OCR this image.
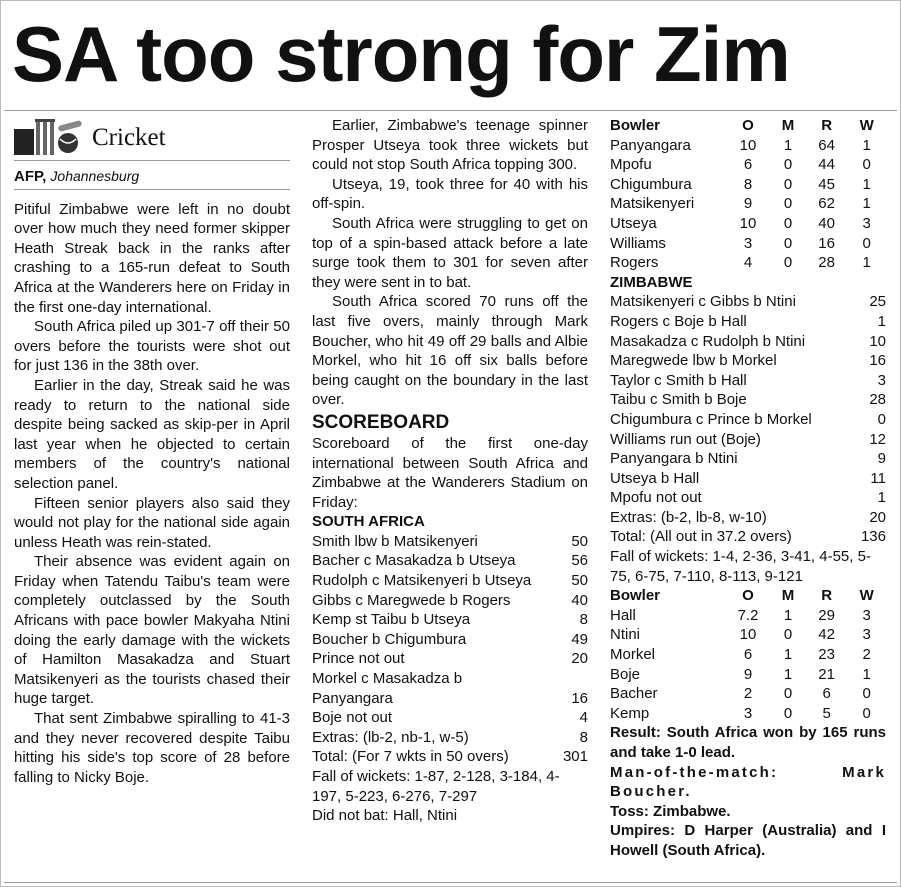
SA too strong for Zim
Cricket
AFP, Johannesburg

Pitiful Zimbabwe were left in no doubt over how much they need former skipper Heath Streak back in the ranks after crashing to a 165-run defeat to South Africa at the Wanderers here on Friday in the first one-day international.

South Africa piled up 301-7 off their 50 overs before the tourists were shot out for just 136 in the 38th over.

Earlier in the day, Streak said he was ready to return to the national side despite being sacked as skip-per in April last year when he objected to certain members of the country's national selection panel.

Fifteen senior players also said they would not play for the national side again unless Heath was rein-stated.

Their absence was evident again on Friday when Tatendu Taibu's team were completely outclassed by the South Africans with pace bowler Makyaha Ntini doing the early damage with the wickets of Hamilton Masakadza and Stuart Matsikenyeri as the tourists chased their huge target.

That sent Zimbabwe spiralling to 41-3 and they never recovered despite Taibu hitting his side's top score of 28 before falling to Nicky Boje.

Earlier, Zimbabwe's teenage spinner Prosper Utseya took three wickets but could not stop South Africa topping 300.

Utseya, 19, took three for 40 with his off-spin.

South Africa were struggling to get on top of a spin-based attack before a late surge took them to 301 for seven after they were sent in to bat.

South Africa scored 70 runs off the last five overs, mainly through Mark Boucher, who hit 49 off 29 balls and Albie Morkel, who hit 16 off six balls before being caught on the boundary in the last over.

SCOREBOARD
Scoreboard of the first one-day international between South Africa and Zimbabwe at the Wanderers Stadium on Friday:
SOUTH AFRICA
Smith lbw b Matsikenyeri	50
Bacher c Masakadza b Utseya	56
Rudolph c Matsikenyeri b Utseya	50
Gibbs c Maregwede b Rogers	40
Kemp st Taibu b Utseya	8
Boucher b Chigumbura	49
Prince not out	20
Morkel c Masakadza b
Panyangara	16
Boje not out	4
Extras: (lb-2, nb-1, w-5)	8
Total: (For 7 wkts in 50 overs)	301
Fall of wickets: 1-87, 2-128, 3-184, 4-197, 5-223, 6-276, 7-297
Did not bat: Hall, Ntini
Bowler	O	M	R	W
Panyangara	10	1	64	1
Mpofu	6	0	44	0
Chigumbura	8	0	45	1
Matsikenyeri	9	0	62	1
Utseya	10	0	40	3
Williams	3	0	16	0
Rogers	4	0	28	1
ZIMBABWE
Matsikenyeri c Gibbs b Ntini	25
Rogers c Boje b Hall	1
Masakadza c Rudolph b Ntini	10
Maregwede lbw b Morkel	16
Taylor c Smith b Hall	3
Taibu c Smith b Boje	28
Chigumbura c Prince b Morkel	0
Williams run out (Boje)	12
Panyangara b Ntini	9
Utseya b Hall	11
Mpofu not out	1
Extras: (b-2, lb-8, w-10)	20
Total: (All out in 37.2 overs)	136
Fall of wickets: 1-4, 2-36, 3-41, 4-55, 5-75, 6-75, 7-110, 8-113, 9-121
Bowler	O	M	R	W
Hall	7.2	1	29	3
Ntini	10	0	42	3
Morkel	6	1	23	2
Boje	9	1	21	1
Bacher	2	0	6	0
Kemp	3	0	5	0
Result: South Africa won by 165 runs and take 1-0 lead.
Man-of-the-match: Mark Boucher.
Toss: Zimbabwe.
Umpires: D Harper (Australia) and I Howell (South Africa).
